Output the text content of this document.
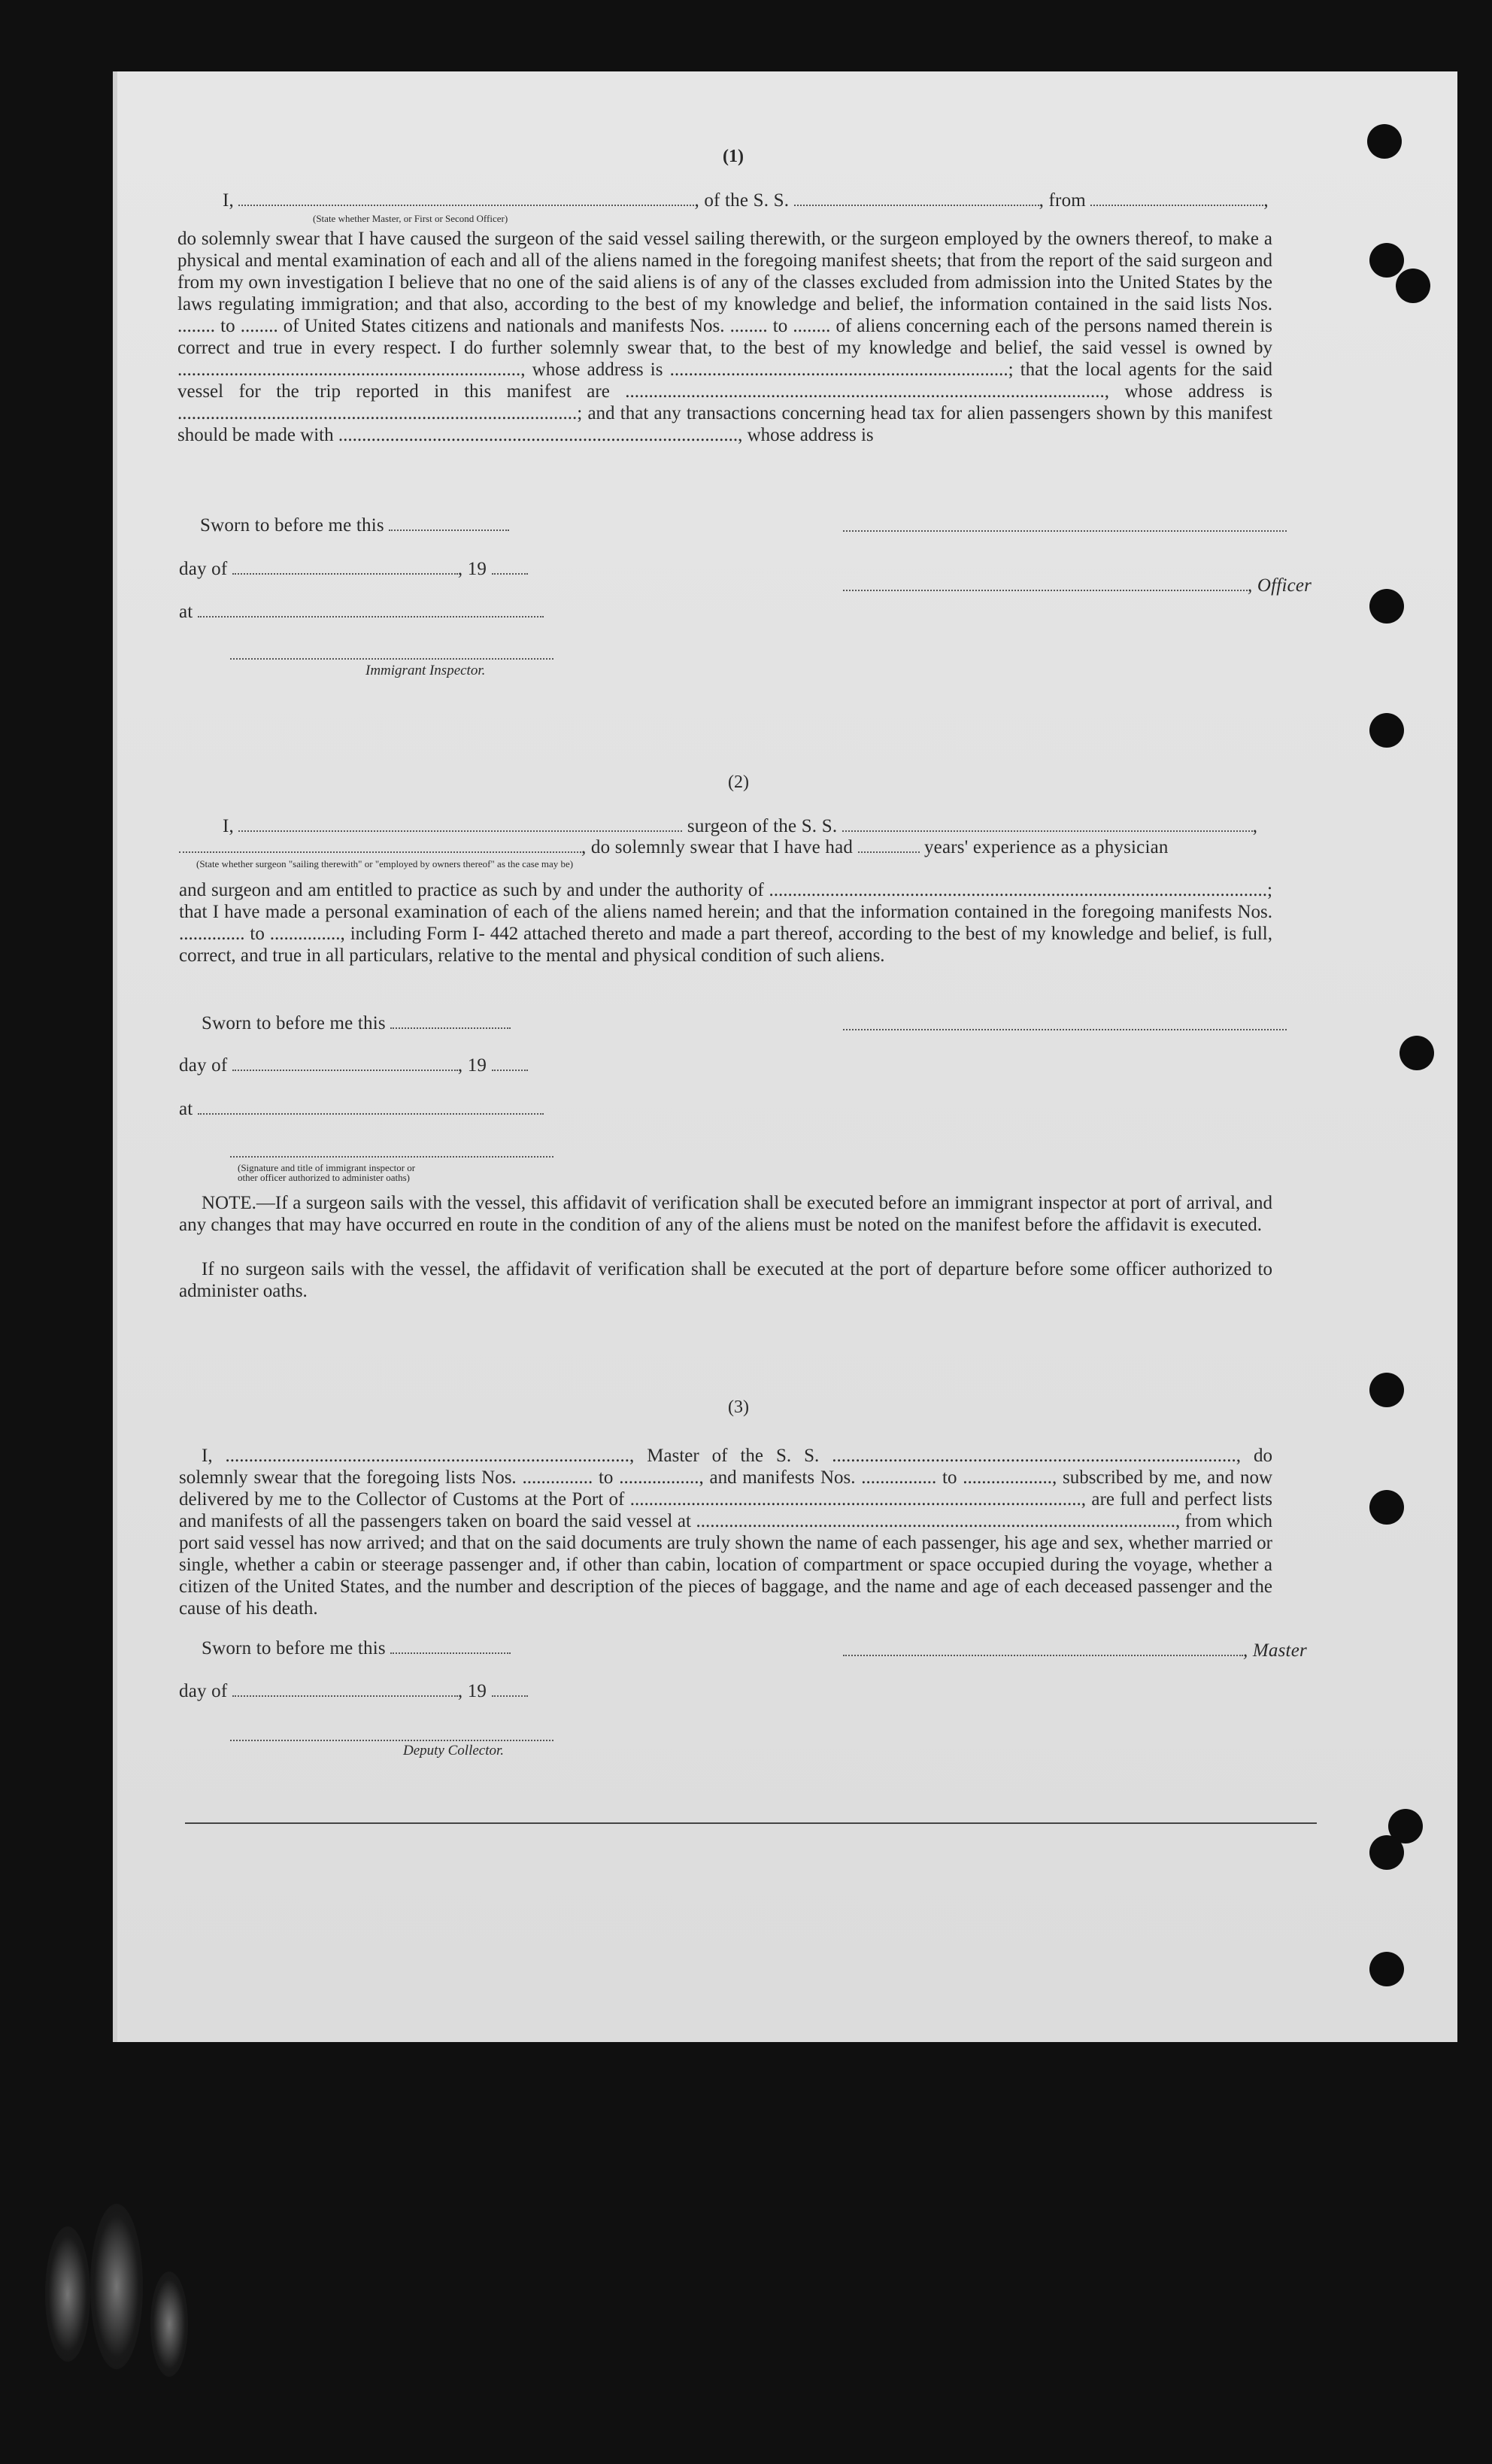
(1)
I,	, of the S. S.	, from	,
(State whether Master, or First or Second Officer)
do solemnly swear that I have caused the surgeon of the said vessel sailing therewith, or the surgeon employed by the owners thereof, to make a physical and mental examination of each and all of the aliens named in the foregoing manifest sheets; that from the report of the said surgeon and from my own investigation I believe that no one of the said aliens is of any of the classes excluded from admission into the United States by the laws regulating immigration; and that also, according to the best of my knowledge and belief, the information contained in the said lists Nos. ........ to ........ of United States citizens and nationals and manifests Nos. ........ to ........ of aliens concerning each of the persons named therein is correct and true in every respect. I do further solemnly swear that, to the best of my knowledge and belief, the said vessel is owned by ........................................................................., whose address is ........................................................................; that the local agents for the said vessel for the trip reported in this manifest are ......................................................................................................, whose address is .....................................................................................; and that any transactions concerning head tax for alien passengers shown by this manifest should be made with ....................................................................................., whose address is
Sworn to before me this
day of	, 19
, Officer
at
Immigrant Inspector.
(2)
I,	surgeon of the S. S.	,
, do solemnly swear that I have had	years' experience as a physician
(State whether surgeon "sailing therewith" or "employed by owners thereof" as the case may be)
and surgeon and am entitled to practice as such by and under the authority of ..........................................................................................................; that I have made a personal examination of each of the aliens named herein; and that the information contained in the foregoing manifests Nos. .............. to ..............., including Form I- 442 attached thereto and made a part thereof, according to the best of my knowledge and belief, is full, correct, and true in all particulars, relative to the mental and physical condition of such aliens.
Sworn to before me this
day of	, 19
at
(Signature and title of immigrant inspector or
other officer authorized to administer oaths)
NOTE.—If a surgeon sails with the vessel, this affidavit of verification shall be executed before an immigrant inspector at port of arrival, and any changes that may have occurred en route in the condition of any of the aliens must be noted on the manifest before the affidavit is executed.
If no surgeon sails with the vessel, the affidavit of verification shall be executed at the port of departure before some officer authorized to administer oaths.
(3)
I, ......................................................................................, Master of the S. S. ......................................................................................, do solemnly swear that the foregoing lists Nos. ............... to ................., and manifests Nos. ................ to ..................., subscribed by me, and now delivered by me to the Collector of Customs at the Port of ................................................................................................, are full and perfect lists and manifests of all the passengers taken on board the said vessel at ......................................................................................................, from which port said vessel has now arrived; and that on the said documents are truly shown the name of each passenger, his age and sex, whether married or single, whether a cabin or steerage passenger and, if other than cabin, location of compartment or space occupied during the voyage, whether a citizen of the United States, and the number and description of the pieces of baggage, and the name and age of each deceased passenger and the cause of his death.
Sworn to before me this	, Master
day of	, 19
Deputy Collector.
